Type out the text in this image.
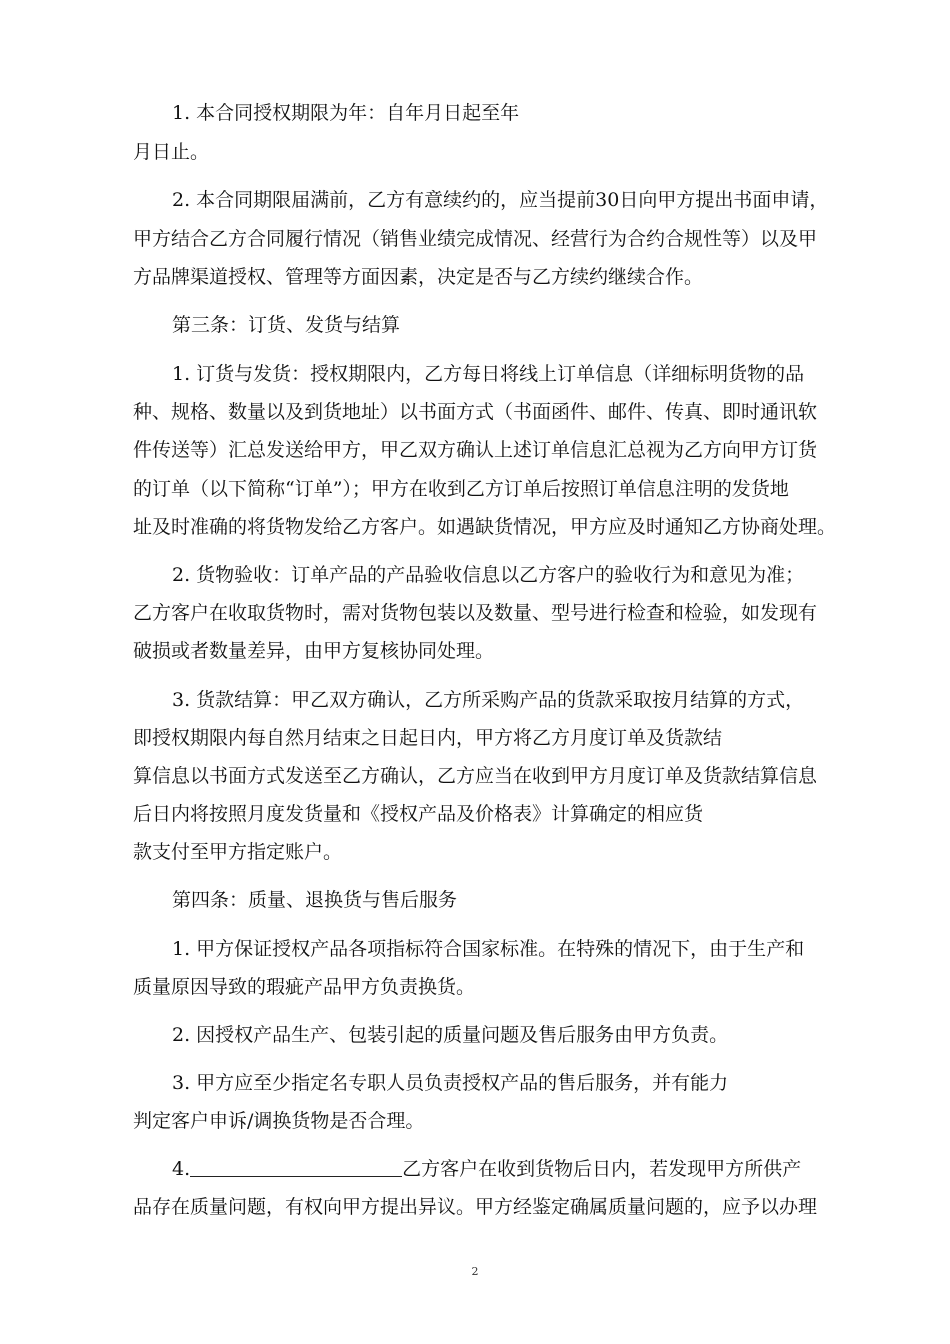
1. 本合同授权期限为年：自年月日起至年
月日止。
2. 本合同期限届满前，乙方有意续约的，应当提前30日向甲方提出书面申请，
甲方结合乙方合同履行情况（销售业绩完成情况、经营行为合约合规性等）以及甲
方品牌渠道授权、管理等方面因素，决定是否与乙方续约继续合作。
第三条：订货、发货与结算
1. 订货与发货：授权期限内，乙方每日将线上订单信息（详细标明货物的品
种、规格、数量以及到货地址）以书面方式（书面函件、邮件、传真、即时通讯软
件传送等）汇总发送给甲方，甲乙双方确认上述订单信息汇总视为乙方向甲方订货
的订单（以下简称“订单”）；甲方在收到乙方订单后按照订单信息注明的发货地
址及时准确的将货物发给乙方客户。如遇缺货情况，甲方应及时通知乙方协商处理。
2. 货物验收：订单产品的产品验收信息以乙方客户的验收行为和意见为准；
乙方客户在收取货物时，需对货物包装以及数量、型号进行检查和检验，如发现有
破损或者数量差异，由甲方复核协同处理。
3. 货款结算：甲乙双方确认，乙方所采购产品的货款采取按月结算的方式，
即授权期限内每自然月结束之日起日内，甲方将乙方月度订单及货款结
算信息以书面方式发送至乙方确认，乙方应当在收到甲方月度订单及货款结算信息
后日内将按照月度发货量和《授权产品及价格表》计算确定的相应货
款支付至甲方指定账户。
第四条：质量、退换货与售后服务
1. 甲方保证授权产品各项指标符合国家标准。在特殊的情况下，由于生产和
质量原因导致的瑕疵产品甲方负责换货。
2. 因授权产品生产、包装引起的质量问题及售后服务由甲方负责。
3. 甲方应至少指定名专职人员负责授权产品的售后服务，并有能力
判定客户申诉/调换货物是否合理。
4.	乙方客户在收到货物后日内，若发现甲方所供产
品存在质量问题，有权向甲方提出异议。甲方经鉴定确属质量问题的，应予以办理
2
